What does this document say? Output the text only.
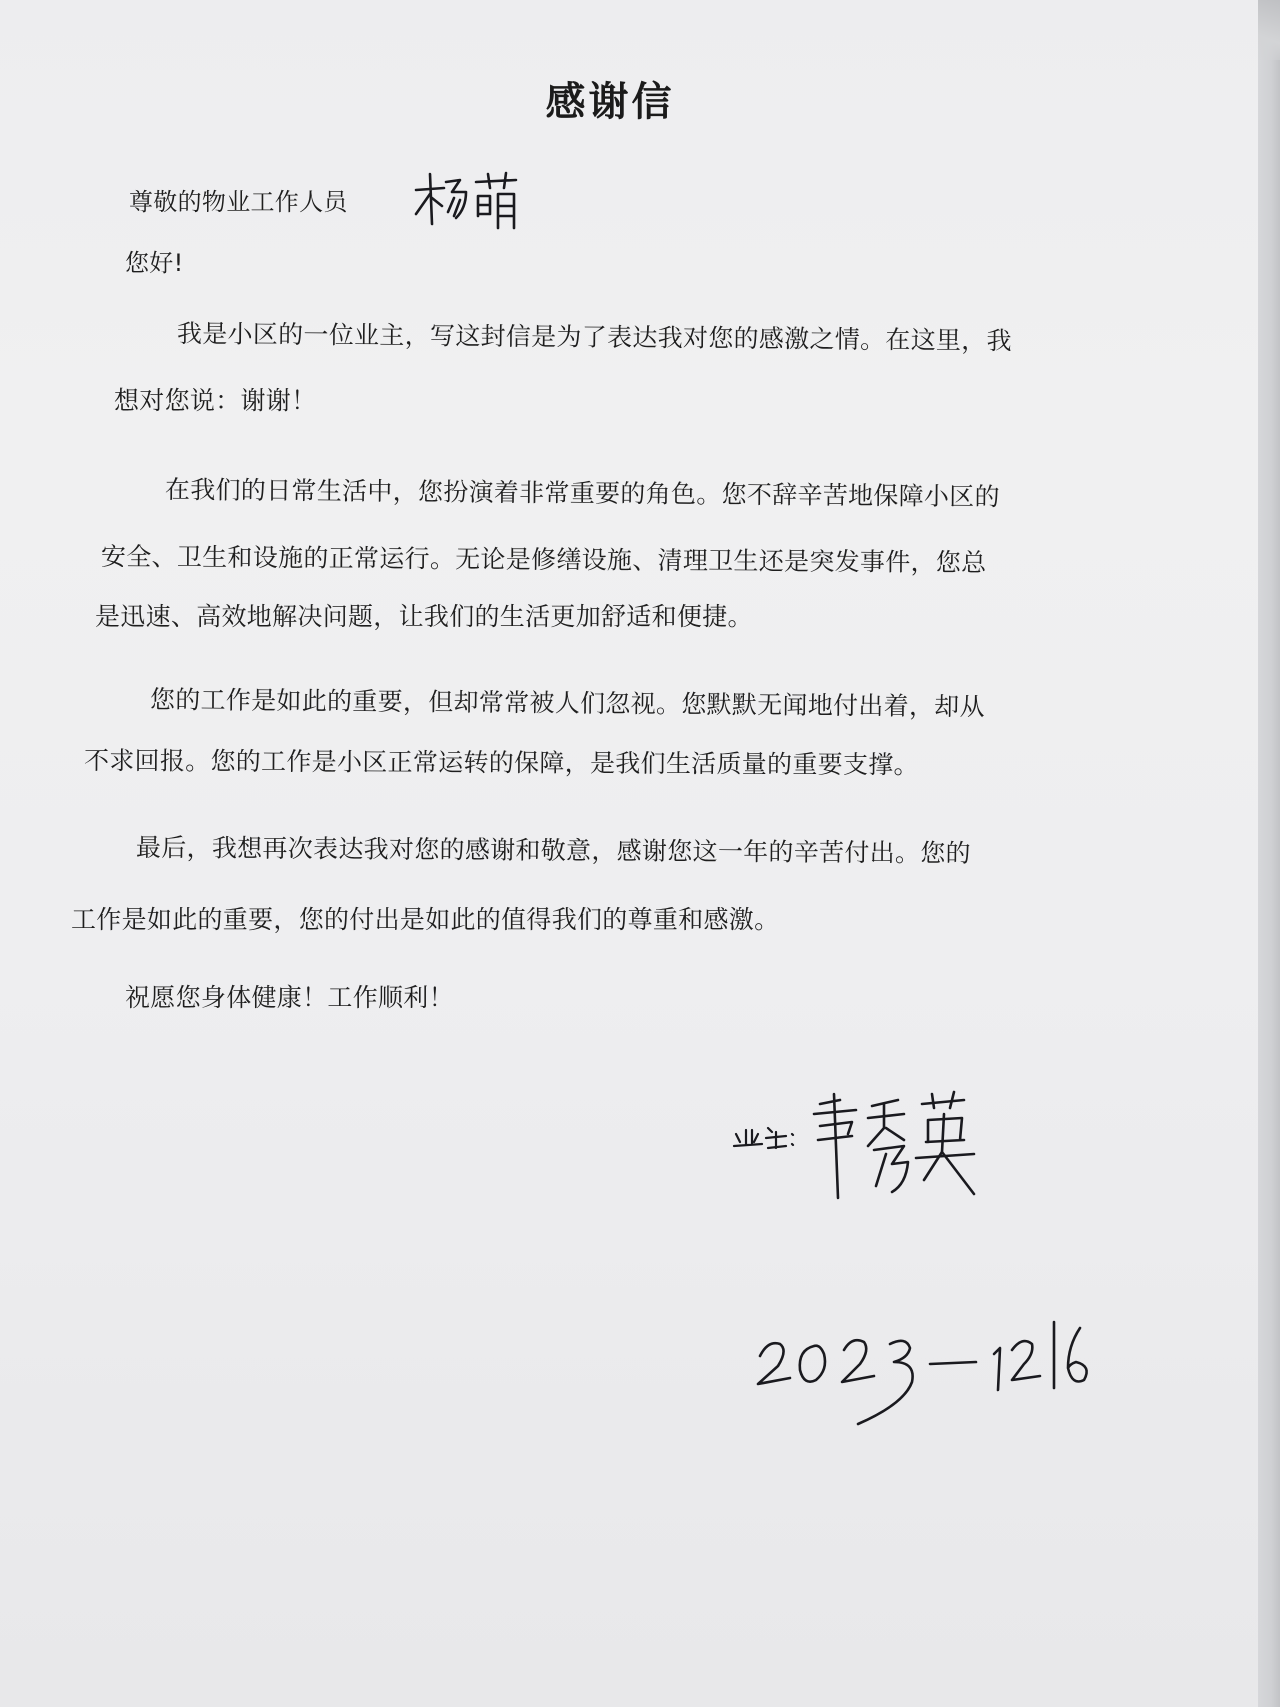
感谢信
尊敬的物业工作人员
您好!
我是小区的一位业主，写这封信是为了表达我对您的感激之情。在这里，我
想对您说：谢谢！
在我们的日常生活中，您扮演着非常重要的角色。您不辞辛苦地保障小区的
安全、卫生和设施的正常运行。无论是修缮设施、清理卫生还是突发事件，您总
是迅速、高效地解决问题，让我们的生活更加舒适和便捷。
您的工作是如此的重要，但却常常被人们忽视。您默默无闻地付出着，却从
不求回报。您的工作是小区正常运转的保障，是我们生活质量的重要支撑。
最后，我想再次表达我对您的感谢和敬意，感谢您这一年的辛苦付出。您的
工作是如此的重要，您的付出是如此的值得我们的尊重和感激。
祝愿您身体健康！工作顺利！
